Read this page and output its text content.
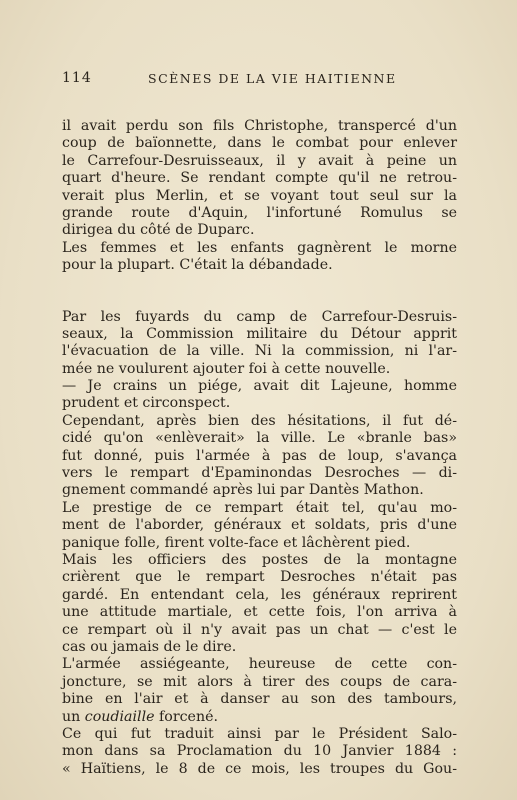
114	SCÈNES DE LA VIE HAITIENNE
il avait perdu son fils Christophe, transpercé d'un
coup de baïonnette, dans le combat pour enlever
le Carrefour-Desruisseaux, il y avait à peine un
quart d'heure. Se rendant compte qu'il ne retrou-
verait plus Merlin, et se voyant tout seul sur la
grande route d'Aquin, l'infortuné Romulus se
dirigea du côté de Duparc.
Les femmes et les enfants gagnèrent le morne
pour la plupart. C'était la débandade.
Par les fuyards du camp de Carrefour-Desruis-
seaux, la Commission militaire du Détour apprit
l'évacuation de la ville. Ni la commission, ni l'ar-
mée ne voulurent ajouter foi à cette nouvelle.
— Je crains un piége, avait dit Lajeune, homme
prudent et circonspect.
Cependant, après bien des hésitations, il fut dé-
cidé qu'on «enlèverait» la ville. Le «branle bas»
fut donné, puis l'armée à pas de loup, s'avança
vers le rempart d'Epaminondas Desroches — di-
gnement commandé après lui par Dantès Mathon.
Le prestige de ce rempart était tel, qu'au mo-
ment de l'aborder, généraux et soldats, pris d'une
panique folle, firent volte-face et lâchèrent pied.
Mais les officiers des postes de la montagne
crièrent que le rempart Desroches n'était pas
gardé. En entendant cela, les généraux reprirent
une attitude martiale, et cette fois, l'on arriva à
ce rempart où il n'y avait pas un chat — c'est le
cas ou jamais de le dire.
L'armée assiégeante, heureuse de cette con-
joncture, se mit alors à tirer des coups de cara-
bine en l'air et à danser au son des tambours,
un coudiaille forcené.
Ce qui fut traduit ainsi par le Président Salo-
mon dans sa Proclamation du 10 Janvier 1884 :
« Haïtiens, le 8 de ce mois, les troupes du Gou-
